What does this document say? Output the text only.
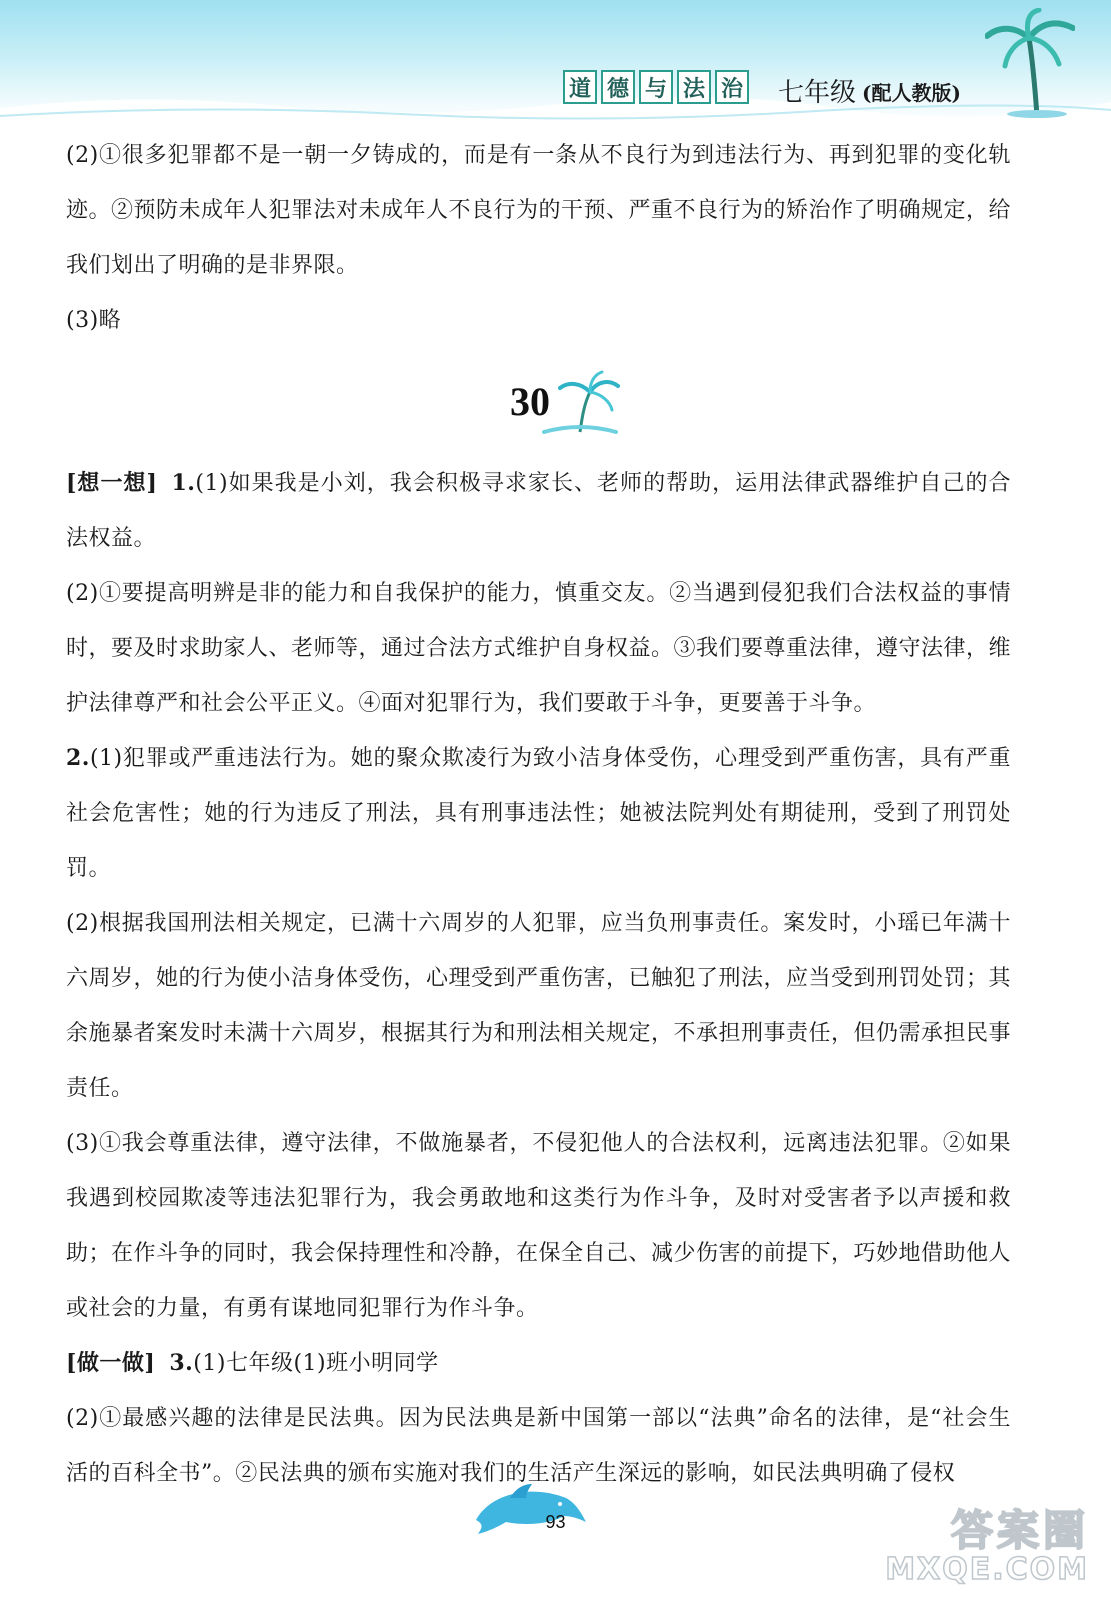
道 德 与 法 治 七年级 (配人教版)

(2)①很多犯罪都不是一朝一夕铸成的，而是有一条从不良行为到违法行为、再到犯罪的变化轨迹。②预防未成年人犯罪法对未成年人不良行为的干预、严重不良行为的矫治作了明确规定，给我们划出了明确的是非界限。

(3)略

30

[想一想] 1.(1)如果我是小刘，我会积极寻求家长、老师的帮助，运用法律武器维护自己的合法权益。

(2)①要提高明辨是非的能力和自我保护的能力，慎重交友。②当遇到侵犯我们合法权益的事情时，要及时求助家人、老师等，通过合法方式维护自身权益。③我们要尊重法律，遵守法律，维护法律尊严和社会公平正义。④面对犯罪行为，我们要敢于斗争，更要善于斗争。

2.(1)犯罪或严重违法行为。她的聚众欺凌行为致小洁身体受伤，心理受到严重伤害，具有严重社会危害性；她的行为违反了刑法，具有刑事违法性；她被法院判处有期徒刑，受到了刑罚处罚。

(2)根据我国刑法相关规定，已满十六周岁的人犯罪，应当负刑事责任。案发时，小瑶已年满十六周岁，她的行为使小洁身体受伤，心理受到严重伤害，已触犯了刑法，应当受到刑罚处罚；其余施暴者案发时未满十六周岁，根据其行为和刑法相关规定，不承担刑事责任，但仍需承担民事责任。

(3)①我会尊重法律，遵守法律，不做施暴者，不侵犯他人的合法权利，远离违法犯罪。②如果我遇到校园欺凌等违法犯罪行为，我会勇敢地和这类行为作斗争，及时对受害者予以声援和救助；在作斗争的同时，我会保持理性和冷静，在保全自己、减少伤害的前提下，巧妙地借助他人或社会的力量，有勇有谋地同犯罪行为作斗争。

[做一做] 3.(1)七年级(1)班小明同学

(2)①最感兴趣的法律是民法典。因为民法典是新中国第一部以“法典”命名的法律，是“社会生活的百科全书”。②民法典的颁布实施对我们的生活产生深远的影响，如民法典明确了侵权

93	答案圈
MXQE.COM
